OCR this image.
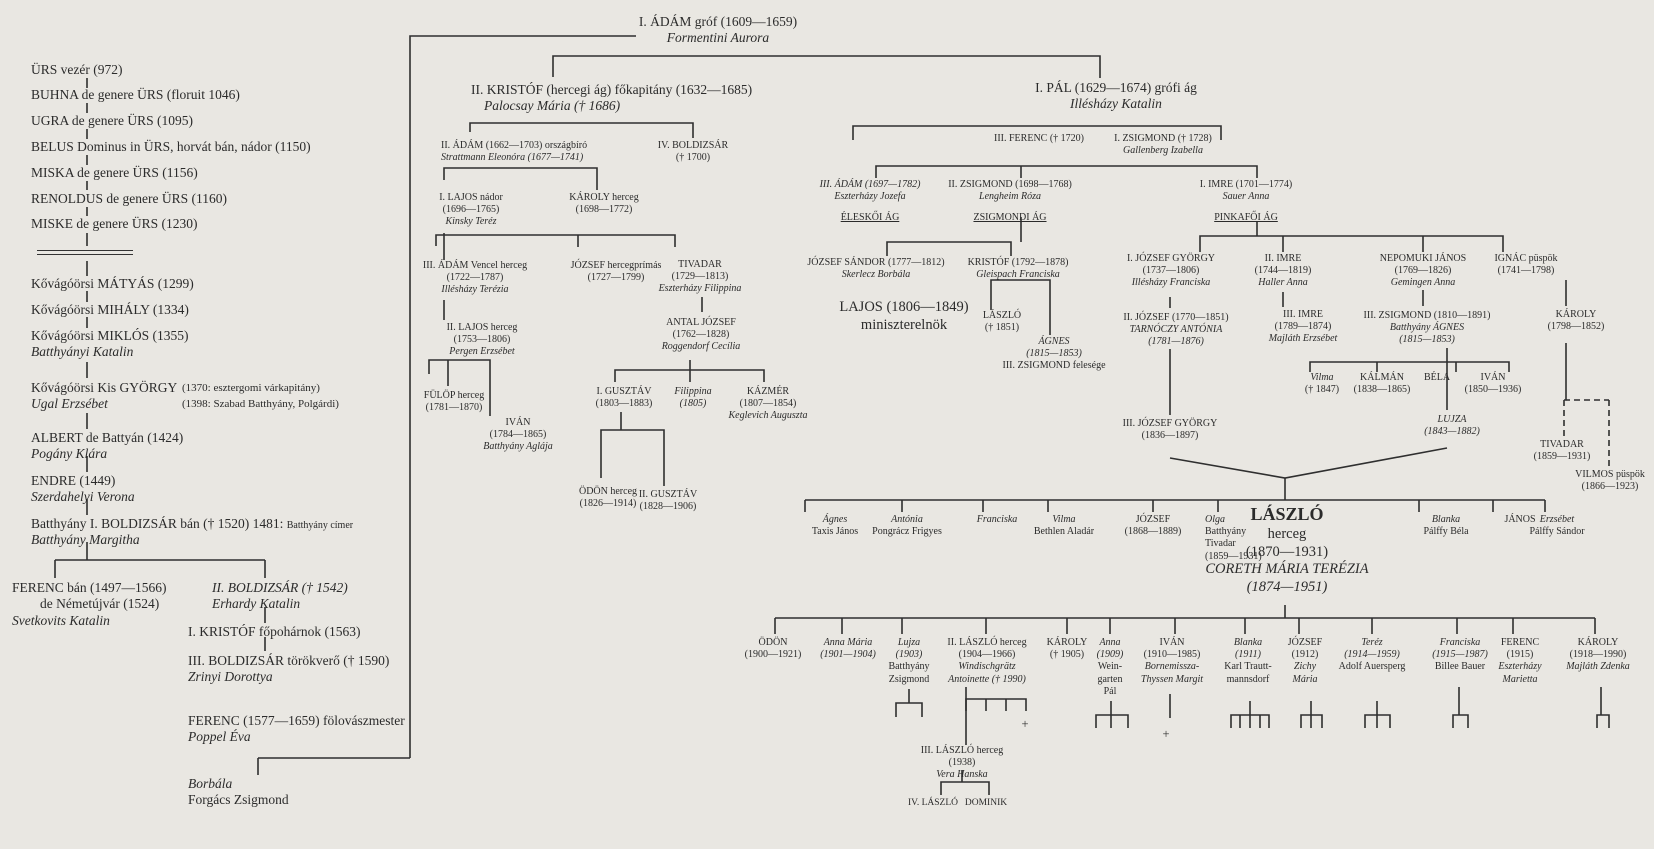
ÜRS vezér (972)
BUHNA de genere ÜRS (floruit 1046)
UGRA de genere ÜRS (1095)
BELUS Dominus in ÜRS, horvát bán, nádor (1150)
MISKA de genere ÜRS (1156)
RENOLDUS de genere ÜRS (1160)
MISKE de genere ÜRS (1230)
Kővágóörsi MÁTYÁS (1299)
Kővágóörsi MIHÁLY (1334)
Kővágóörsi MIKLÓS (1355)
Batthyányi Katalin
Kővágóörsi Kis GYÖRGY
Ugal Erzsébet
(1370: esztergomi várkapitány)
(1398: Szabad Batthyány, Polgárdi)
ALBERT de Battyán (1424)
Pogány Klára
ENDRE (1449)
Szerdahelyi Verona
Batthyány I. BOLDIZSÁR bán († 1520) 1481: Batthyány címer
Batthyány Margitha
FERENC bán (1497—1566)
de Németújvár (1524)
Svetkovits Katalin
II. BOLDIZSÁR († 1542)
Erhardy Katalin
I. KRISTÓF főpohárnok (1563)
III. BOLDIZSÁR törökverő († 1590)
Zrinyi Dorottya
FERENC (1577—1659) fölovászmester
Poppel Éva
Borbála
Forgács Zsigmond
I. ÁDÁM gróf (1609—1659)
Formentini Aurora
II. KRISTÓF (hercegi ág) főkapitány (1632—1685)
Palocsay Mária († 1686)
I. PÁL (1629—1674) grófi ág
Illésházy Katalin
II. ÁDÁM (1662—1703) országbíró
Strattmann Eleonóra (1677—1741)
IV. BOLDIZSÁR
(† 1700)
I. LAJOS nádor
(1696—1765)
Kinsky Teréz
KÁROLY herceg
(1698—1772)
III. ÁDÁM Vencel herceg
(1722—1787)
Illésházy Terézia
JÓZSEF hercegprímás
(1727—1799)
TIVADAR
(1729—1813)
Eszterházy Filippina
II. LAJOS herceg
(1753—1806)
Pergen Erzsébet
ANTAL JÓZSEF
(1762—1828)
Roggendorf Cecília
FÜLÖP herceg
(1781—1870)
IVÁN
(1784—1865)
Batthyány Aglája
I. GUSZTÁV
(1803—1883)
Filippina
(1805)
KÁZMÉR
(1807—1854)
Keglevich Auguszta
ÖDÖN herceg
(1826—1914)
II. GUSZTÁV
(1828—1906)
III. FERENC († 1720)	I. ZSIGMOND († 1728)
Gallenberg Izabella
III. ÁDÁM (1697—1782)
Eszterházy Jozefa
ÉLESKŐI ÁG
II. ZSIGMOND (1698—1768)
Lengheim Róza
ZSIGMONDI ÁG
I. IMRE (1701—1774)
Sauer Anna
PINKAFŐI ÁG
JÓZSEF SÁNDOR (1777—1812)
Skerlecz Borbála
KRISTÓF (1792—1878)
Gleispach Franciska
LAJOS (1806—1849)
miniszterelnök
LÁSZLÓ
(† 1851)
ÁGNES
(1815—1853)
III. ZSIGMOND felesége
I. JÓZSEF GYÖRGY
(1737—1806)
Illésházy Franciska
II. IMRE
(1744—1819)
Haller Anna
NEPOMUKI JÁNOS
(1769—1826)
Gemingen Anna
IGNÁC püspök
(1741—1798)
II. JÓZSEF (1770—1851)
TARNÓCZY ANTÓNIA
(1781—1876)
III. IMRE
(1789—1874)
Majláth Erzsébet
III. ZSIGMOND (1810—1891)
Batthyány ÁGNES
(1815—1853)
KÁROLY
(1798—1852)
Vilma
(† 1847)
KÁLMÁN
(1838—1865)
BÉLA	IVÁN
(1850—1936)
III. JÓZSEF GYÖRGY
(1836—1897)
LUJZA
(1843—1882)
TIVADAR
(1859—1931)
VILMOS püspök
(1866—1923)
Ágnes
Taxis János
Antónia
Pongrácz Frigyes
Franciska	Vilma
Bethlen Aladár
JÓZSEF
(1868—1889)
Olga
Batthyány
Tivadar
(1859—1931)
LÁSZLÓ
herceg
(1870—1931)
CORETH MÁRIA TERÉZIA
(1874—1951)
Blanka
Pálffy Béla
JÁNOS Erzsébet
Pálffy Sándor
ÖDÖN
(1900—1921)
Anna Mária
(1901—1904)
Lujza
(1903)
Batthyány
Zsigmond
II. LÁSZLÓ herceg
(1904—1966)
Windischgrätz
Antoinette († 1990)
KÁROLY
(† 1905)
Anna
(1909)
Wein-
garten
Pál
IVÁN
(1910—1985)
Bornemissza-
Thyssen Margit
Blanka
(1911)
Karl Trautt-
mannsdorf
JÓZSEF
(1912)
Zichy
Mária
Teréz
(1914—1959)
Adolf Auersperg
Franciska
(1915—1987)
Billee Bauer
FERENC
(1915)
Eszterházy
Marietta
KÁROLY
(1918—1990)
Majláth Zdenka
+
+
III. LÁSZLÓ herceg
(1938)
Vera Hanska
IV. LÁSZLÓ DOMINIK
